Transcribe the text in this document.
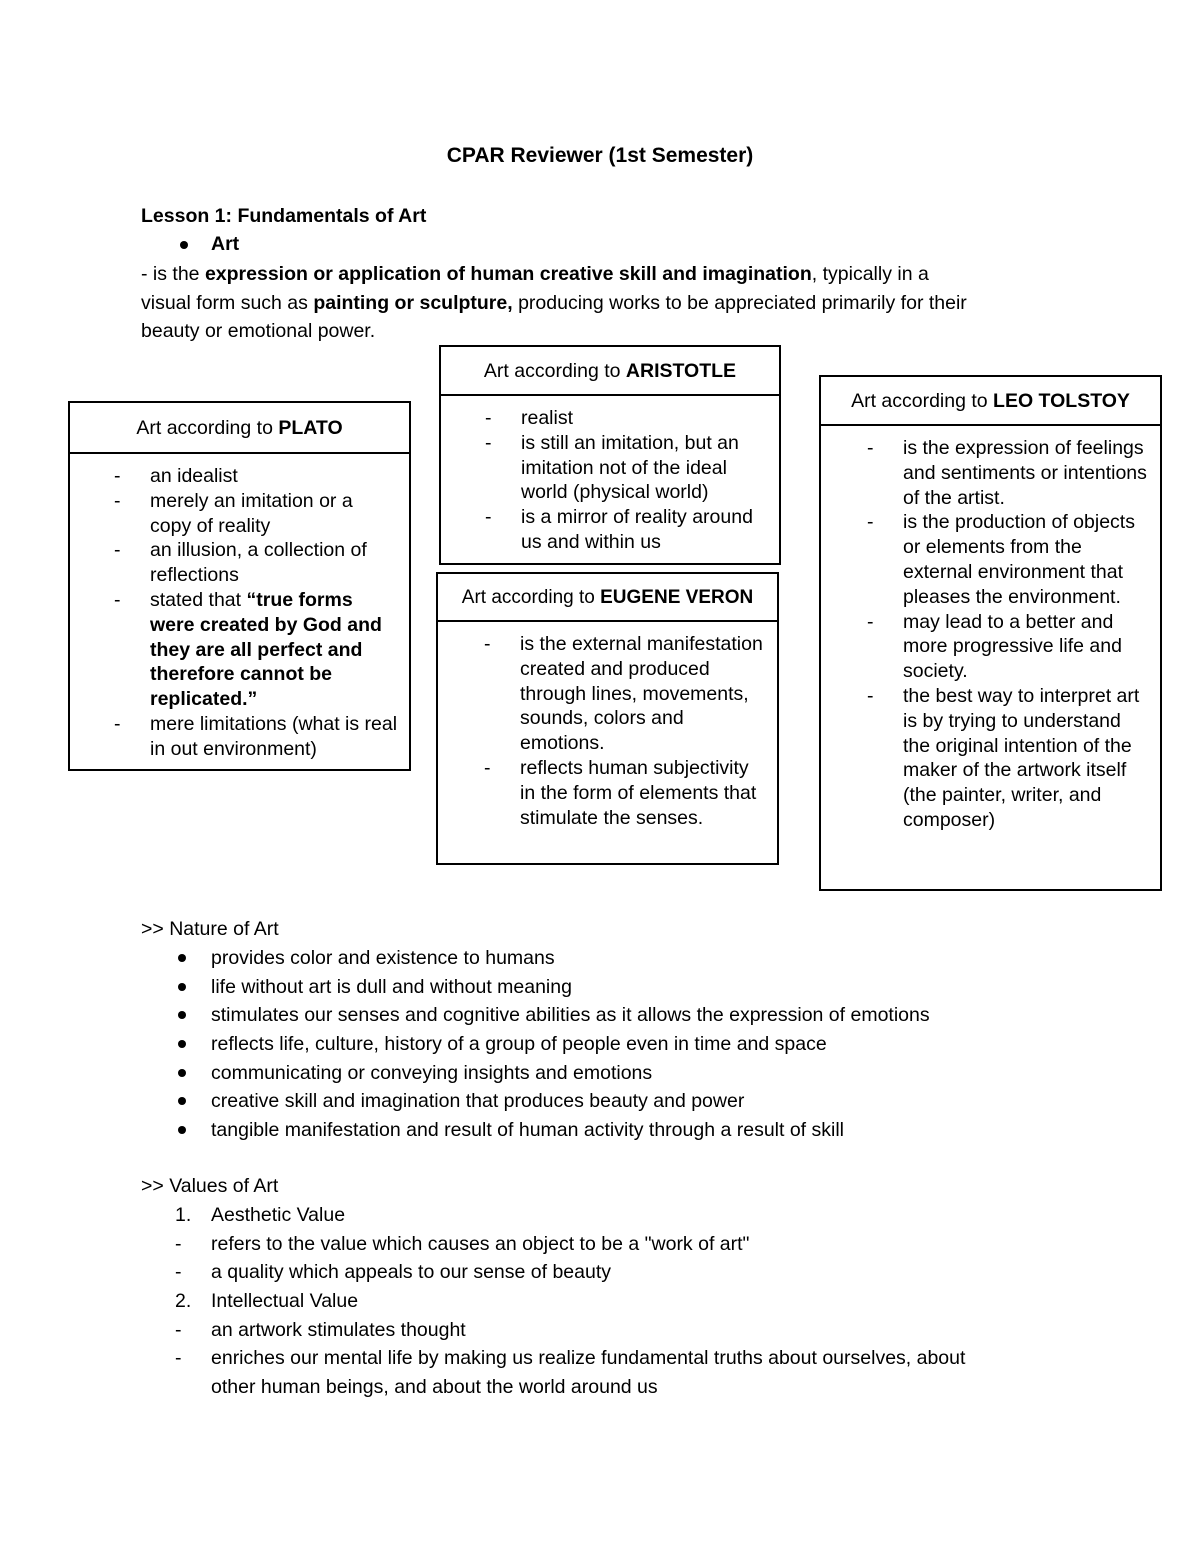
CPAR Reviewer (1st Semester)
Lesson 1: Fundamentals of Art
Art
- is the expression or application of human creative skill and imagination, typically in a
visual form such as painting or sculpture, producing works to be appreciated primarily for their
beauty or emotional power.
Art according to PLATO
- an idealist
- merely an imitation or a copy of reality
- an illusion, a collection of reflections
- stated that “true forms were created by God and they are all perfect and therefore cannot be replicated.”
- mere limitations (what is real in out environment)
Art according to ARISTOTLE
- realist
- is still an imitation, but an imitation not of the ideal world (physical world)
- is a mirror of reality around us and within us
Art according to EUGENE VERON
- is the external manifestation created and produced through lines, movements, sounds, colors and emotions.
- reflects human subjectivity in the form of elements that stimulate the senses.
Art according to LEO TOLSTOY
- is the expression of feelings and sentiments or intentions of the artist.
- is the production of objects or elements from the external environment that pleases the environment.
- may lead to a better and more progressive life and society.
- the best way to interpret art is by trying to understand the original intention of the maker of the artwork itself (the painter, writer, and composer)
>> Nature of Art
provides color and existence to humans
life without art is dull and without meaning
stimulates our senses and cognitive abilities as it allows the expression of emotions
reflects life, culture, history of a group of people even in time and space
communicating or conveying insights and emotions
creative skill and imagination that produces beauty and power
tangible manifestation and result of human activity through a result of skill
>> Values of Art
1. Aesthetic Value
- refers to the value which causes an object to be a "work of art"
- a quality which appeals to our sense of beauty
2. Intellectual Value
- an artwork stimulates thought
- enriches our mental life by making us realize fundamental truths about ourselves, about
other human beings, and about the world around us
